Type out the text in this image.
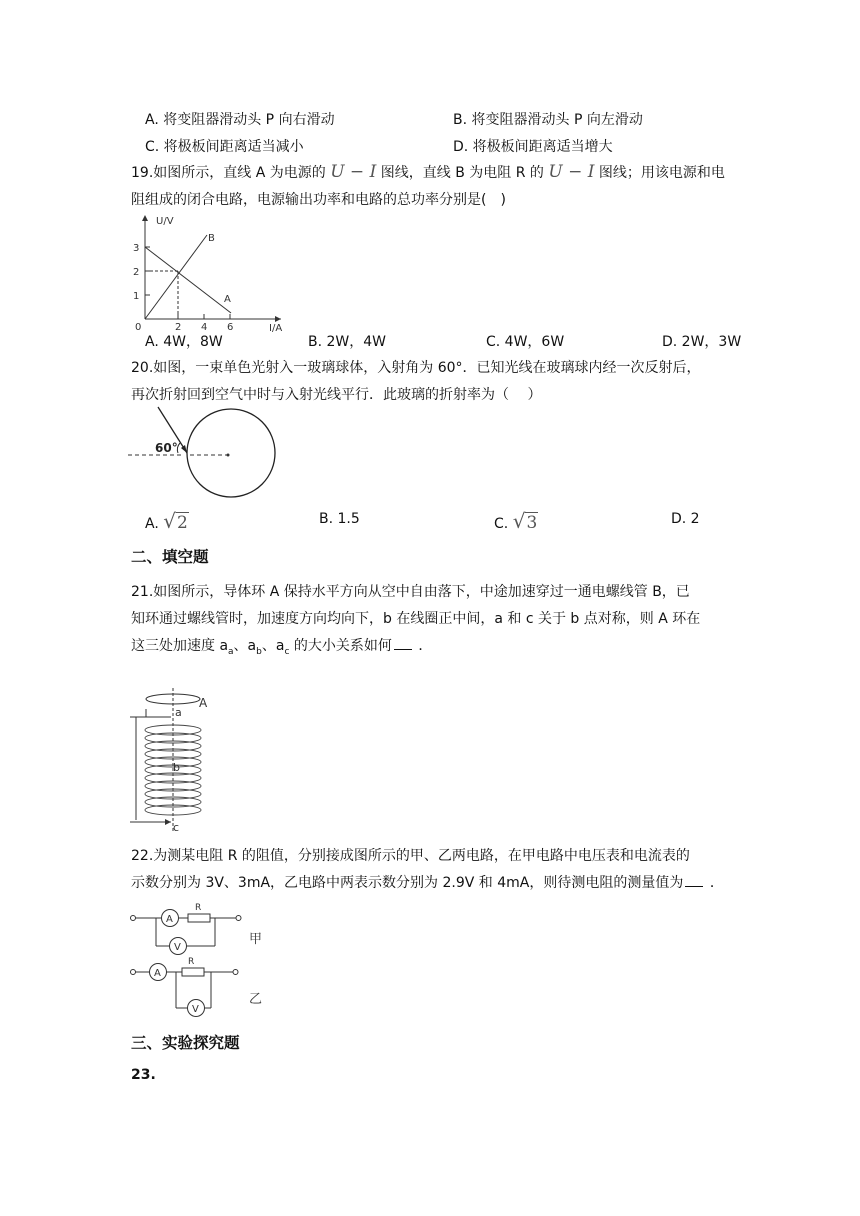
A. 将变阻器滑动头 P 向右滑动	B. 将变阻器滑动头 P 向左滑动
C. 将极板间距离适当减小	D. 将极板间距离适当增大
19.如图所示，直线 A 为电源的 U − I 图线，直线 B 为电阻 R 的 U − I 图线；用该电源和电
阻组成的闭合电路，电源输出功率和电路的总功率分别是(　)
U/V
I/A
0
1
2
3
2 4 6
A
B
A. 4W，8W	B. 2W，4W	C. 4W，6W	D. 2W，3W
20.如图，一束单色光射入一玻璃球体，入射角为 60°．已知光线在玻璃球内经一次反射后，
再次折射回到空气中时与入射光线平行．此玻璃的折射率为（　 ）
60°
A. √2	B. 1.5	C. √3	D. 2
二、填空题
21.如图所示，导体环 A 保持水平方向从空中自由落下，中途加速穿过一通电螺线管 B，已
知环通过螺线管时，加速度方向均向下，b 在线圈正中间，a 和 c 关于 b 点对称，则 A 环在
这三处加速度 $a_a$、$a_b$、$a_c$ 的大小关系如何 ．
A
a
b
c
22.为测某电阻 R 的阻值，分别接成图所示的甲、乙两电路，在甲电路中电压表和电流表的
示数分别为 3V、3mA，乙电路中两表示数分别为 2.9V 和 4mA，则待测电阻的测量值为 ．
A
R
V
甲
A
R
V
乙
三、实验探究题
23.
